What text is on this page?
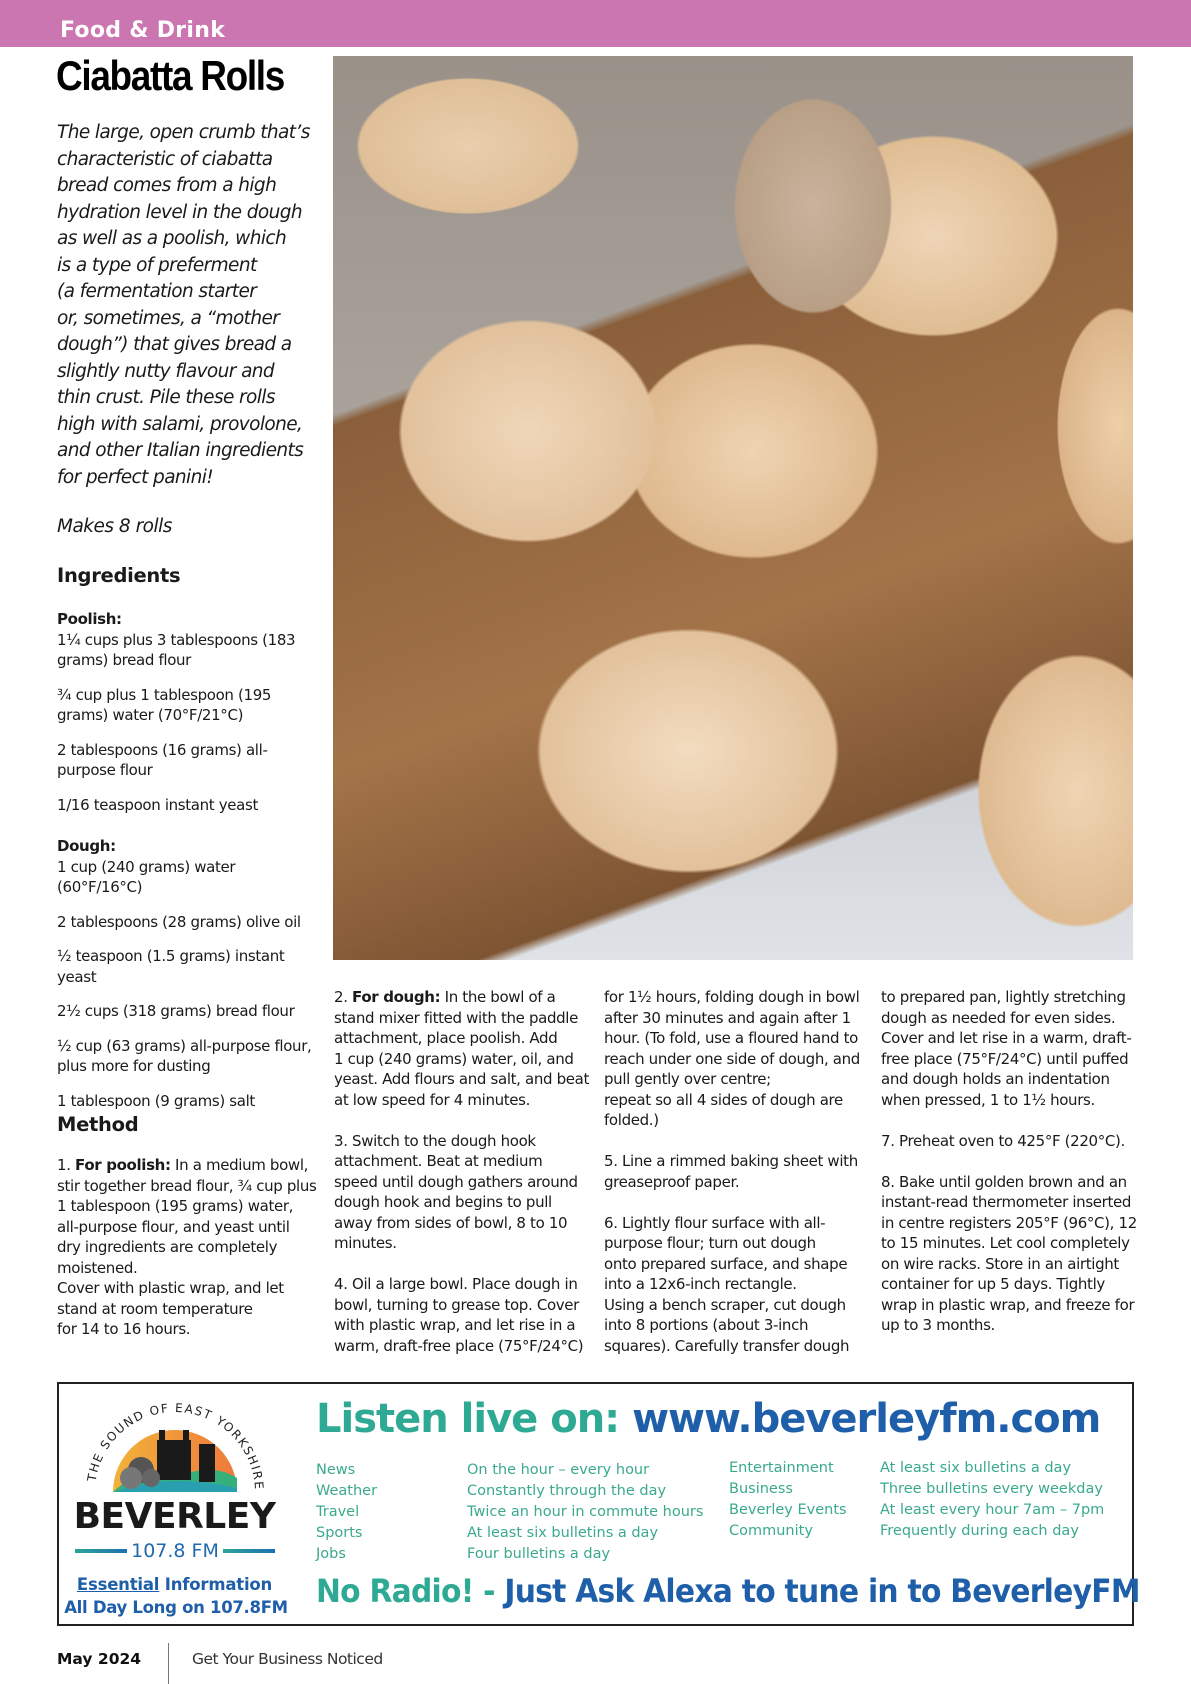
Food & Drink
Ciabatta Rolls
The large, open crumb that’s
characteristic of ciabatta
bread comes from a high
hydration level in the dough
as well as a poolish, which
is a type of preferment
(a fermentation starter
or, sometimes, a “mother
dough”) that gives bread a
slightly nutty flavour and
thin crust. Pile these rolls
high with salami, provolone,
and other Italian ingredients
for perfect panini!
Makes 8 rolls
Ingredients
Poolish:
1¼ cups plus 3 tablespoons (183 grams) bread flour
¾ cup plus 1 tablespoon (195 grams) water (70°F/21°C)
2 tablespoons (16 grams) all-purpose flour
1/16 teaspoon instant yeast
Dough:
1 cup (240 grams) water (60°F/16°C)
2 tablespoons (28 grams) olive oil
½ teaspoon (1.5 grams) instant yeast
2½ cups (318 grams) bread flour
½ cup (63 grams) all-purpose flour, plus more for dusting
1 tablespoon (9 grams) salt
Method
1. For poolish: In a medium bowl,
stir together bread flour, ¾ cup plus
1 tablespoon (195 grams) water,
all-purpose flour, and yeast until
dry ingredients are completely
moistened.
Cover with plastic wrap, and let
stand at room temperature
for 14 to 16 hours.
2. For dough: In the bowl of a
stand mixer fitted with the paddle
attachment, place poolish. Add
1 cup (240 grams) water, oil, and
yeast. Add flours and salt, and beat
at low speed for 4 minutes.
3. Switch to the dough hook
attachment. Beat at medium
speed until dough gathers around
dough hook and begins to pull
away from sides of bowl, 8 to 10
minutes.
4. Oil a large bowl. Place dough in
bowl, turning to grease top. Cover
with plastic wrap, and let rise in a
warm, draft-free place (75°F/24°C)
for 1½ hours, folding dough in bowl
after 30 minutes and again after 1
hour. (To fold, use a floured hand to
reach under one side of dough, and
pull gently over centre;
repeat so all 4 sides of dough are
folded.)
5. Line a rimmed baking sheet with
greaseproof paper.
6. Lightly flour surface with all-
purpose flour; turn out dough
onto prepared surface, and shape
into a 12x6-inch rectangle.
Using a bench scraper, cut dough
into 8 portions (about 3-inch
squares). Carefully transfer dough
to prepared pan, lightly stretching
dough as needed for even sides.
Cover and let rise in a warm, draft-
free place (75°F/24°C) until puffed
and dough holds an indentation
when pressed, 1 to 1½ hours.
7. Preheat oven to 425°F (220°C).
8. Bake until golden brown and an
instant-read thermometer inserted
in centre registers 205°F (96°C), 12
to 15 minutes. Let cool completely
on wire racks. Store in an airtight
container for up 5 days. Tightly
wrap in plastic wrap, and freeze for
up to 3 months.
THE SOUND OF EAST YORKSHIRE
BEVERLEY
107.8 FM
Essential Information
All Day Long on 107.8FM
Listen live on: www.beverleyfm.com
News
Weather
Travel
Sports
Jobs
On the hour – every hour
Constantly through the day
Twice an hour in commute hours
At least six bulletins a day
Four bulletins a day
Entertainment
Business
Beverley Events
Community
At least six bulletins a day
Three bulletins every weekday
At least every hour 7am – 7pm
Frequently during each day
No Radio! - Just Ask Alexa to tune in to BeverleyFM
May 2024	Get Your Business Noticed
